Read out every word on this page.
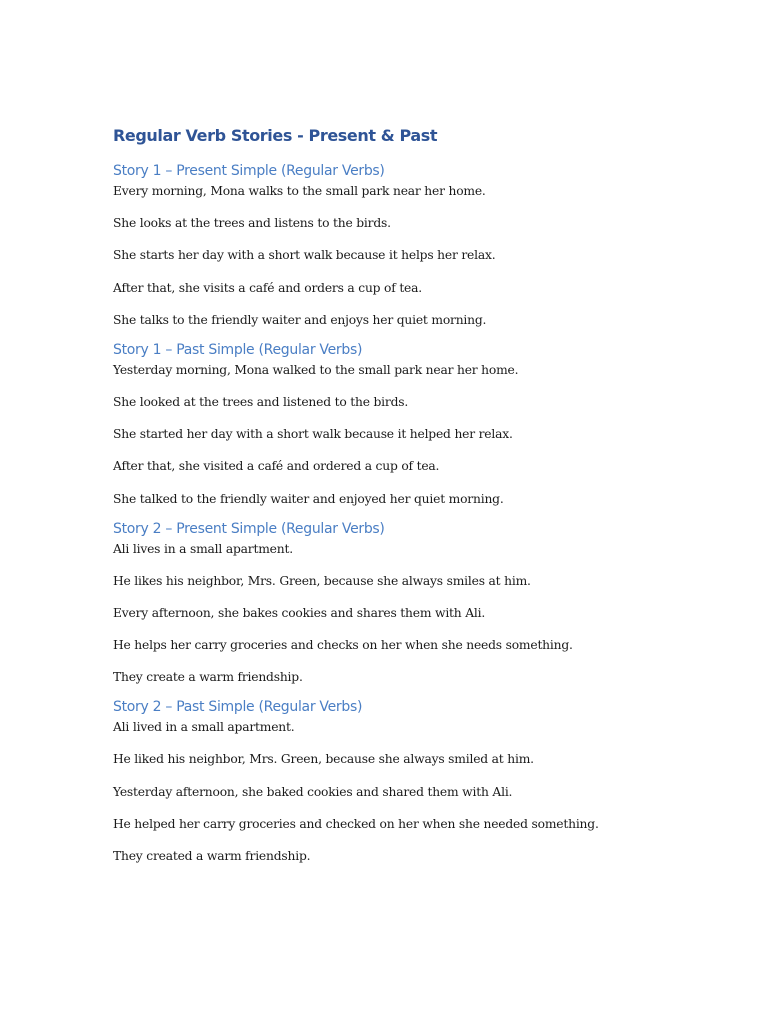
Regular Verb Stories - Present & Past
Story 1 – Present Simple (Regular Verbs)

Every morning, Mona walks to the small park near her home.

She looks at the trees and listens to the birds.

She starts her day with a short walk because it helps her relax.

After that, she visits a café and orders a cup of tea.

She talks to the friendly waiter and enjoys her quiet morning.

Story 1 – Past Simple (Regular Verbs)

Yesterday morning, Mona walked to the small park near her home.

She looked at the trees and listened to the birds.

She started her day with a short walk because it helped her relax.

After that, she visited a café and ordered a cup of tea.

She talked to the friendly waiter and enjoyed her quiet morning.

Story 2 – Present Simple (Regular Verbs)

Ali lives in a small apartment.

He likes his neighbor, Mrs. Green, because she always smiles at him.

Every afternoon, she bakes cookies and shares them with Ali.

He helps her carry groceries and checks on her when she needs something.

They create a warm friendship.

Story 2 – Past Simple (Regular Verbs)

Ali lived in a small apartment.

He liked his neighbor, Mrs. Green, because she always smiled at him.

Yesterday afternoon, she baked cookies and shared them with Ali.

He helped her carry groceries and checked on her when she needed something.

They created a warm friendship.
